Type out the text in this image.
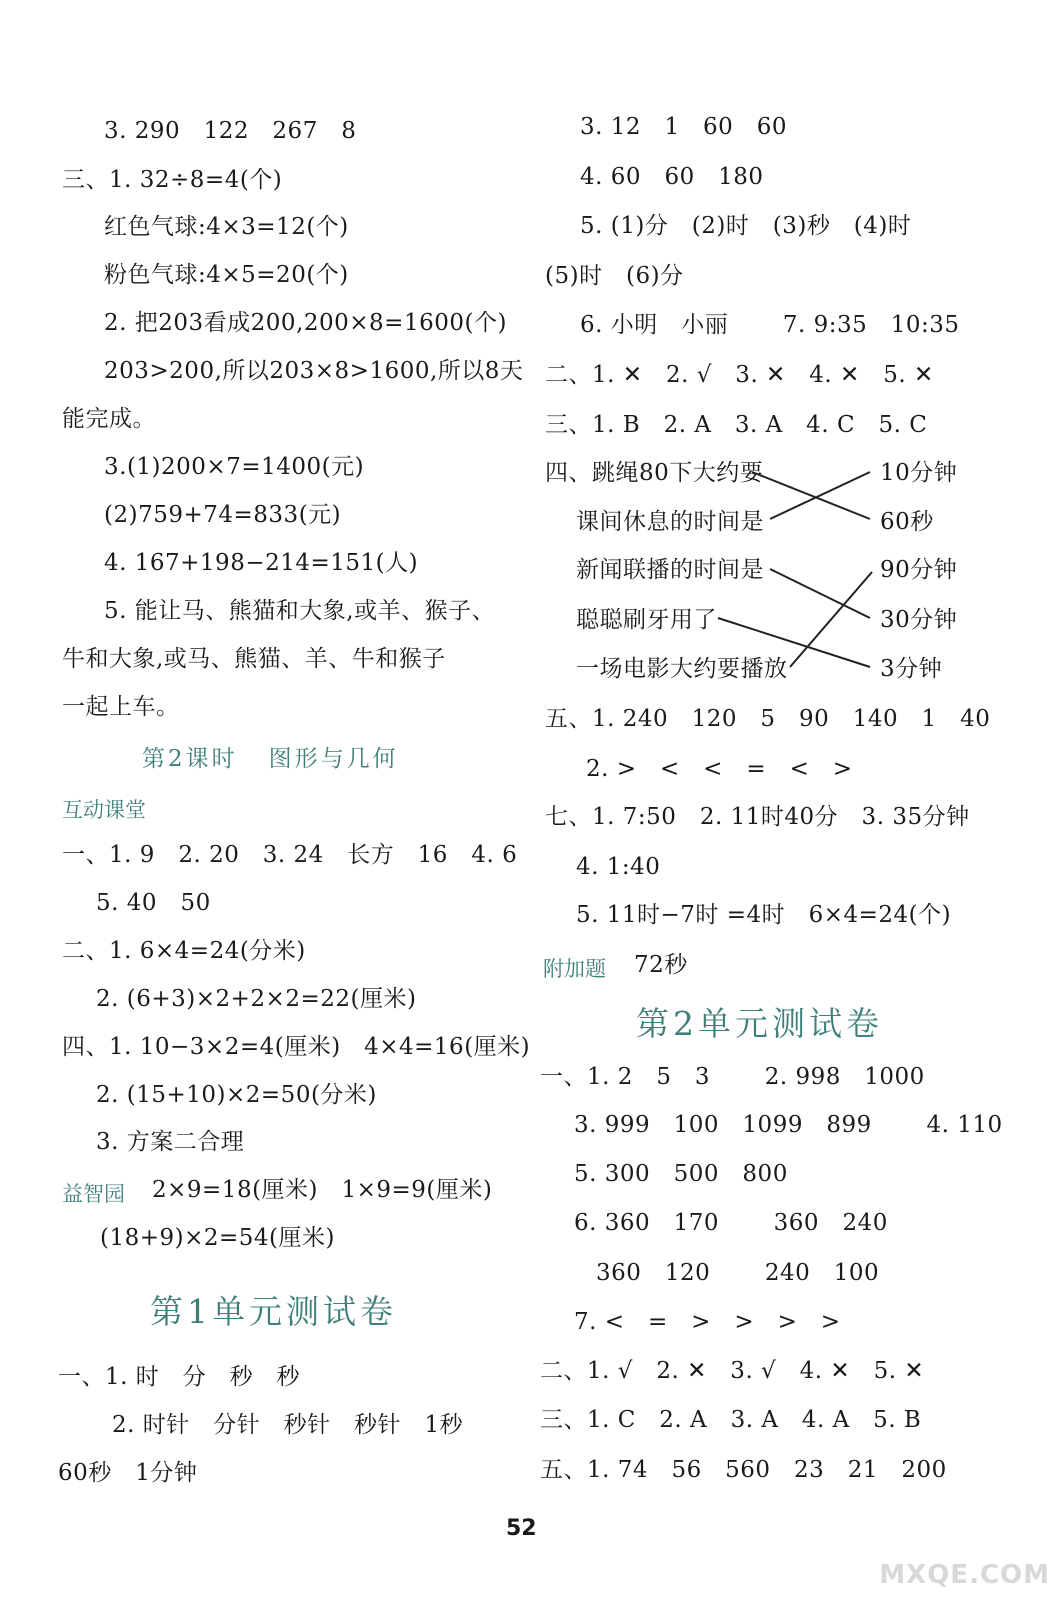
3. 290   122   267   8
三、1. 32÷8=4(个)
红色气球:4×3=12(个)
粉色气球:4×5=20(个)
2. 把203看成200,200×8=1600(个)
203>200,所以203×8>1600,所以8天
能完成。
3.(1)200×7=1400(元)
(2)759+74=833(元)
4. 167+198−214=151(人)
5. 能让马、熊猫和大象,或羊、猴子、
牛和大象,或马、熊猫、羊、牛和猴子
一起上车。
第2课时   图形与几何
互动课堂
一、1. 9   2. 20   3. 24   长方   16   4. 6
5. 40   50
二、1. 6×4=24(分米)
2. (6+3)×2+2×2=22(厘米)
四、1. 10−3×2=4(厘米)   4×4=16(厘米)
2. (15+10)×2=50(分米)
3. 方案二合理
益智园 2×9=18(厘米)   1×9=9(厘米)
(18+9)×2=54(厘米)
第1单元测试卷
一、1. 时   分   秒   秒
2. 时针   分针   秒针   秒针   1秒
60秒   1分钟
3. 12   1   60   60
4. 60   60   180
5. (1)分   (2)时   (3)秒   (4)时
(5)时   (6)分
6. 小明   小丽       7. 9:35   10:35
二、1. ✕   2. √   3. ✕   4. ✕   5. ✕
三、1. B   2. A   3. A   4. C   5. C
四、跳绳80下大约要
课间休息的时间是
新闻联播的时间是
聪聪刷牙用了
一场电影大约要播放
10分钟
60秒
90分钟
30分钟
3分钟
五、1. 240   120   5   90   140   1   40
2. >   <   <   =   <   >
七、1. 7:50   2. 11时40分   3. 35分钟
4. 1:40
5. 11时−7时 =4时   6×4=24(个)
附加题 72秒
第2单元测试卷
一、1. 2   5   3       2. 998   1000
3. 999   100   1099   899       4. 110
5. 300   500   800
6. 360   170       360   240
360   120       240   100
7. <   =   >   >   >   >
二、1. √   2. ✕   3. √   4. ✕   5. ✕
三、1. C   2. A   3. A   4. A   5. B
五、1. 74   56   560   23   21   200
52
MXQE.COM
